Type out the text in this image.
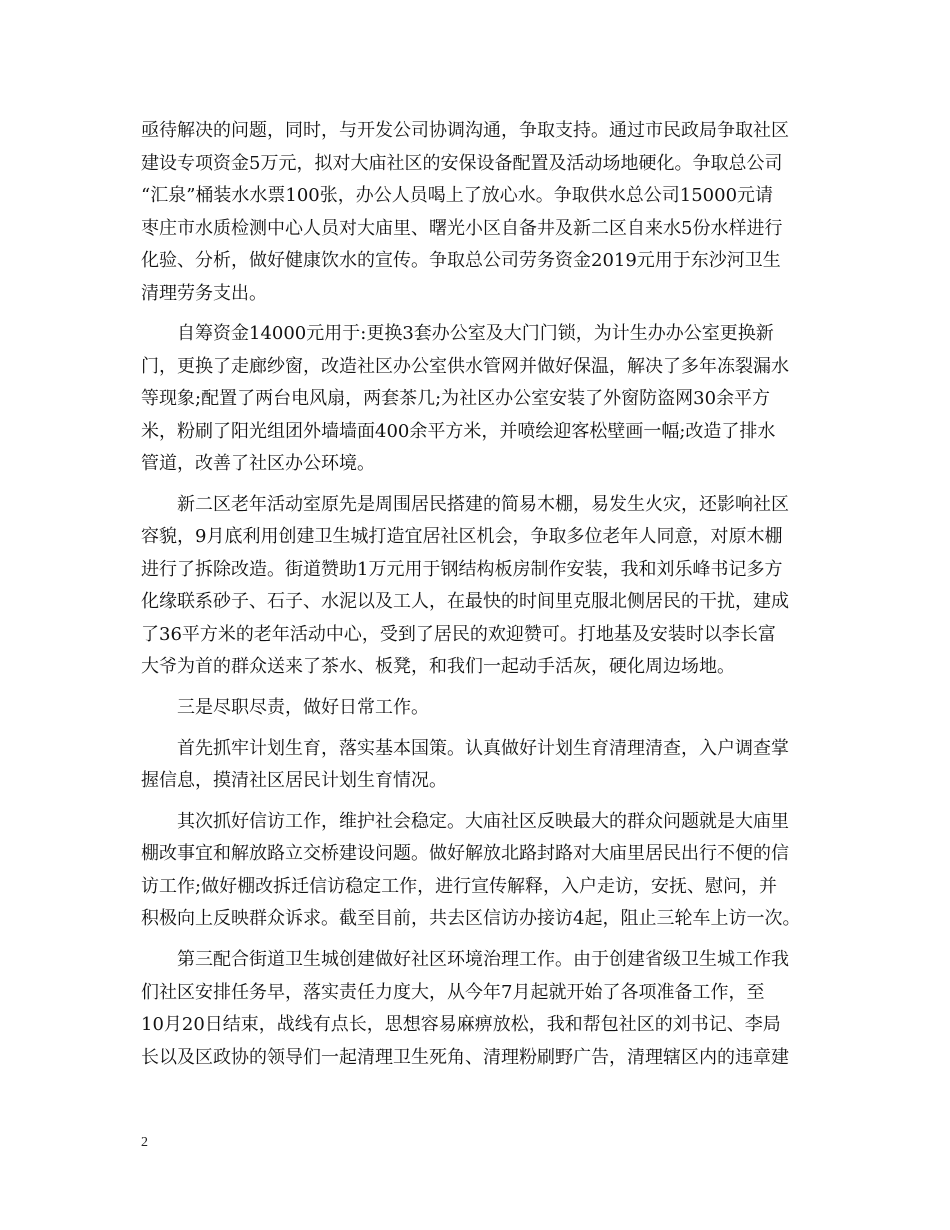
亟待解决的问题，同时，与开发公司协调沟通，争取支持。通过市民政局争取社区
建设专项资金5万元，拟对大庙社区的安保设备配置及活动场地硬化。争取总公司
“汇泉”桶装水水票100张，办公人员喝上了放心水。争取供水总公司15000元请
枣庄市水质检测中心人员对大庙里、曙光小区自备井及新二区自来水5份水样进行
化验、分析，做好健康饮水的宣传。争取总公司劳务资金2019元用于东沙河卫生
清理劳务支出。

自筹资金14000元用于:更换3套办公室及大门门锁，为计生办办公室更换新
门，更换了走廊纱窗，改造社区办公室供水管网并做好保温，解决了多年冻裂漏水
等现象;配置了两台电风扇，两套茶几;为社区办公室安装了外窗防盗网30余平方
米，粉刷了阳光组团外墙墙面400余平方米，并喷绘迎客松壁画一幅;改造了排水
管道，改善了社区办公环境。

新二区老年活动室原先是周围居民搭建的简易木棚，易发生火灾，还影响社区
容貌，9月底利用创建卫生城打造宜居社区机会，争取多位老年人同意，对原木棚
进行了拆除改造。街道赞助1万元用于钢结构板房制作安装，我和刘乐峰书记多方
化缘联系砂子、石子、水泥以及工人，在最快的时间里克服北侧居民的干扰，建成
了36平方米的老年活动中心，受到了居民的欢迎赞可。打地基及安装时以李长富
大爷为首的群众送来了茶水、板凳，和我们一起动手活灰，硬化周边场地。

三是尽职尽责，做好日常工作。

首先抓牢计划生育，落实基本国策。认真做好计划生育清理清查，入户调查掌
握信息，摸清社区居民计划生育情况。

其次抓好信访工作，维护社会稳定。大庙社区反映最大的群众问题就是大庙里
棚改事宜和解放路立交桥建设问题。做好解放北路封路对大庙里居民出行不便的信
访工作;做好棚改拆迁信访稳定工作，进行宣传解释，入户走访，安抚、慰问，并
积极向上反映群众诉求。截至目前，共去区信访办接访4起，阻止三轮车上访一次。

第三配合街道卫生城创建做好社区环境治理工作。由于创建省级卫生城工作我
们社区安排任务早，落实责任力度大，从今年7月起就开始了各项准备工作，至
10月20日结束，战线有点长，思想容易麻痹放松，我和帮包社区的刘书记、李局
长以及区政协的领导们一起清理卫生死角、清理粉刷野广告，清理辖区内的违章建

2
